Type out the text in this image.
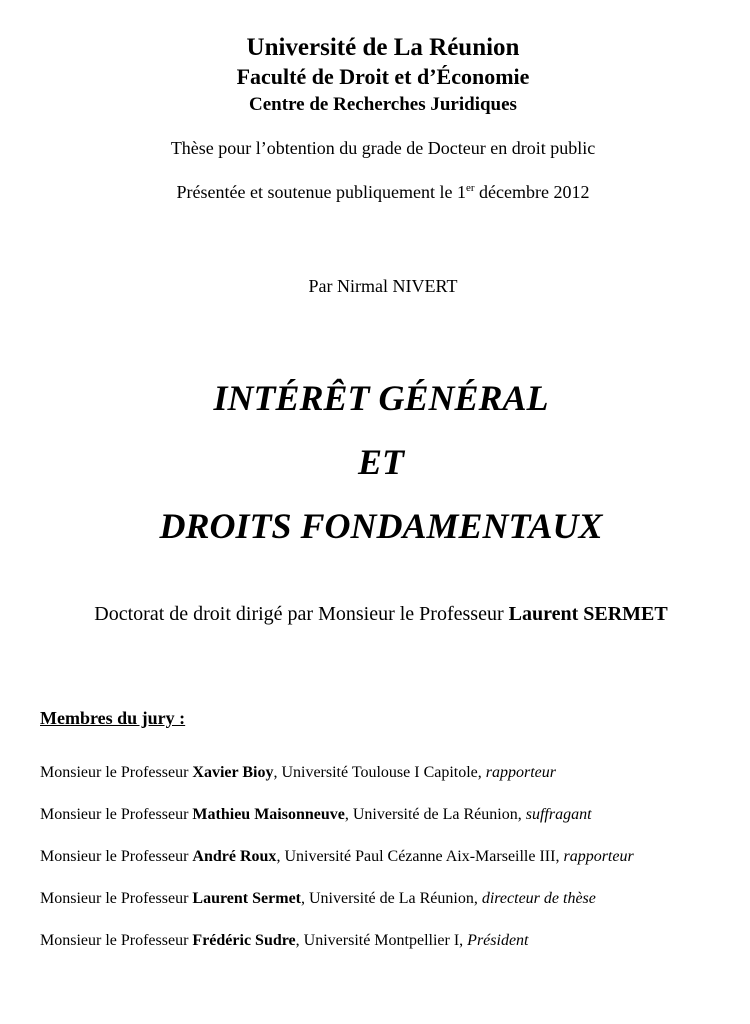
Université de La Réunion
Faculté de Droit et d’Économie
Centre de Recherches Juridiques
Thèse pour l’obtention du grade de Docteur en droit public
Présentée et soutenue publiquement le 1er décembre 2012
Par Nirmal NIVERT
INTÉRÊT GÉNÉRAL
ET
DROITS FONDAMENTAUX
Doctorat de droit dirigé par Monsieur le Professeur Laurent SERMET
Membres du jury :
Monsieur le Professeur Xavier Bioy, Université Toulouse I Capitole, rapporteur
Monsieur le Professeur Mathieu Maisonneuve, Université de La Réunion, suffragant
Monsieur le Professeur André Roux, Université Paul Cézanne Aix-Marseille III, rapporteur
Monsieur le Professeur Laurent Sermet, Université de La Réunion, directeur de thèse
Monsieur le Professeur Frédéric Sudre, Université Montpellier I, Président
